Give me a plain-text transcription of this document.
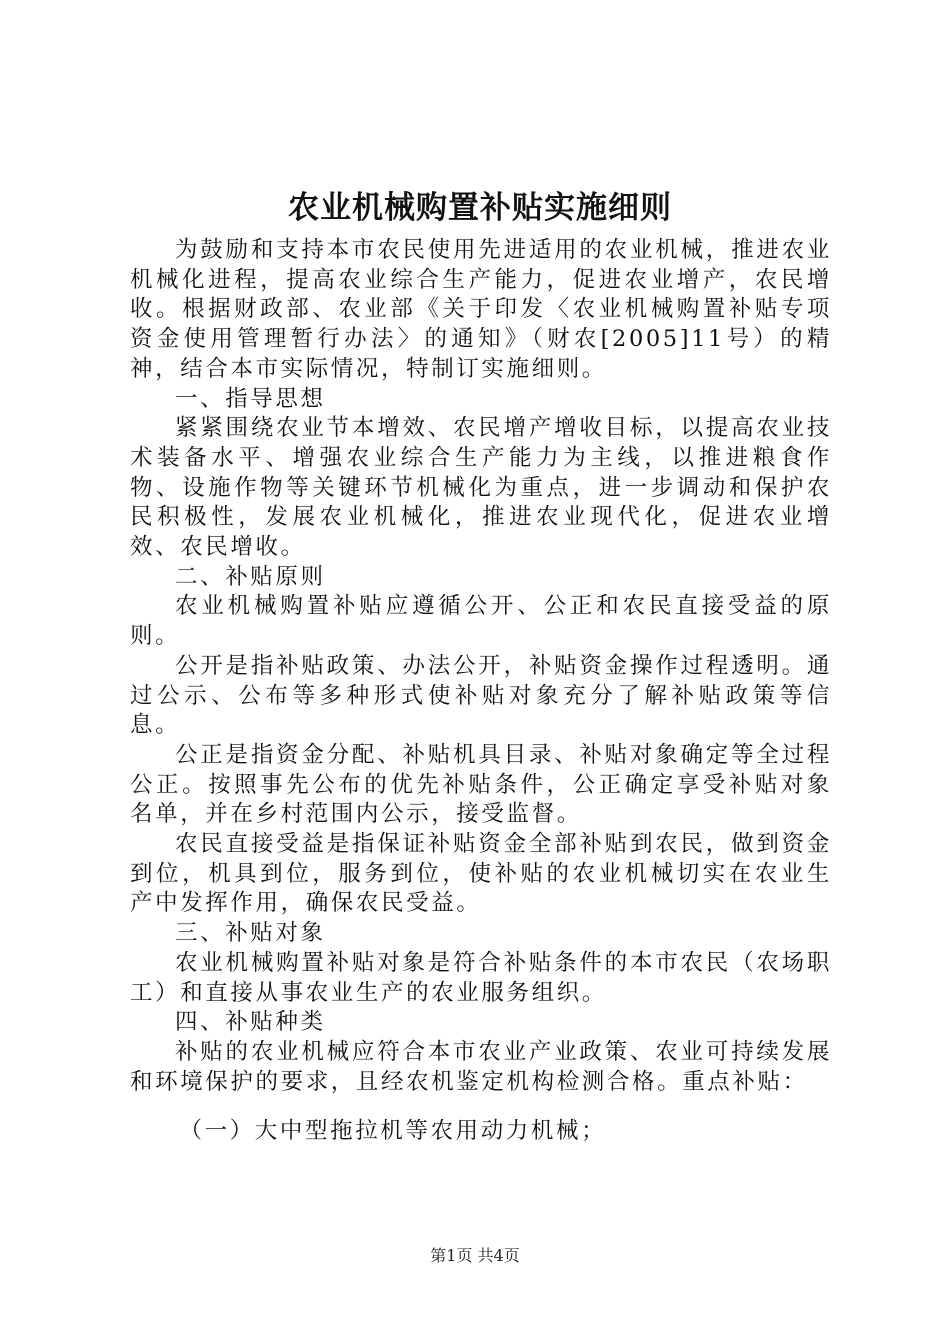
农业机械购置补贴实施细则

为鼓励和支持本市农民使用先进适用的农业机械，推进农业机械化进程，提高农业综合生产能力，促进农业增产，农民增收。根据财政部、农业部《关于印发〈农业机械购置补贴专项资金使用管理暂行办法〉的通知》（财农[2005]11号）的精神，结合本市实际情况，特制订实施细则。

一、指导思想

紧紧围绕农业节本增效、农民增产增收目标，以提高农业技术装备水平、增强农业综合生产能力为主线，以推进粮食作物、设施作物等关键环节机械化为重点，进一步调动和保护农民积极性，发展农业机械化，推进农业现代化，促进农业增效、农民增收。

二、补贴原则

农业机械购置补贴应遵循公开、公正和农民直接受益的原则。

公开是指补贴政策、办法公开，补贴资金操作过程透明。通过公示、公布等多种形式使补贴对象充分了解补贴政策等信息。

公正是指资金分配、补贴机具目录、补贴对象确定等全过程公正。按照事先公布的优先补贴条件，公正确定享受补贴对象名单，并在乡村范围内公示，接受监督。

农民直接受益是指保证补贴资金全部补贴到农民，做到资金到位，机具到位，服务到位，使补贴的农业机械切实在农业生产中发挥作用，确保农民受益。

三、补贴对象

农业机械购置补贴对象是符合补贴条件的本市农民（农场职工）和直接从事农业生产的农业服务组织。

四、补贴种类

补贴的农业机械应符合本市农业产业政策、农业可持续发展和环境保护的要求，且经农机鉴定机构检测合格。重点补贴：

（一）大中型拖拉机等农用动力机械；

第1页 共4页
